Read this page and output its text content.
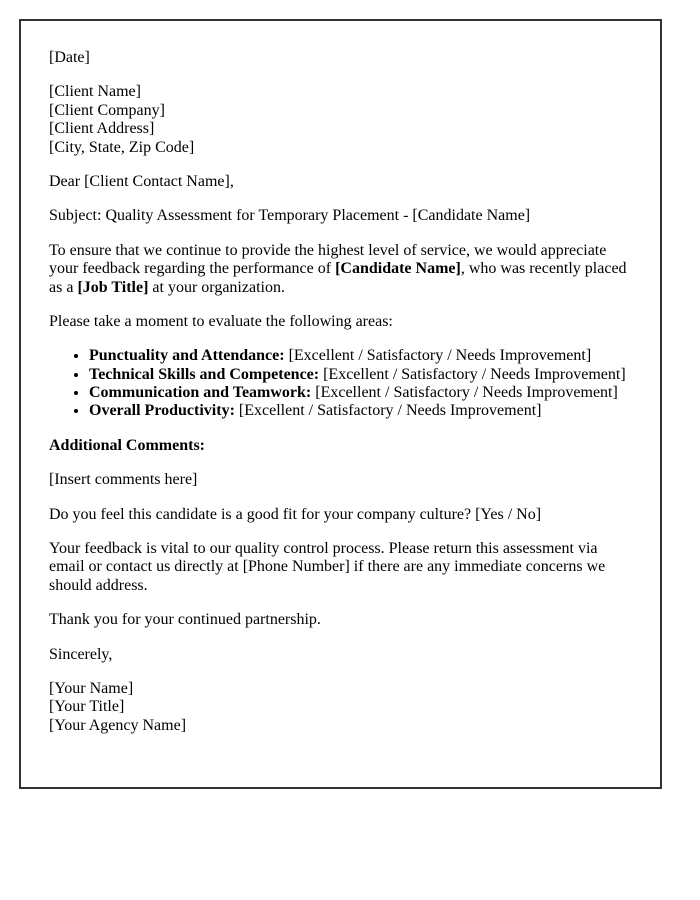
[Date]
[Client Name]
[Client Company]
[Client Address]
[City, State, Zip Code]
Dear [Client Contact Name],
Subject: Quality Assessment for Temporary Placement - [Candidate Name]
To ensure that we continue to provide the highest level of service, we would appreciate your feedback regarding the performance of [Candidate Name], who was recently placed as a [Job Title] at your organization.
Please take a moment to evaluate the following areas:
• Punctuality and Attendance: [Excellent / Satisfactory / Needs Improvement]
• Technical Skills and Competence: [Excellent / Satisfactory / Needs Improvement]
• Communication and Teamwork: [Excellent / Satisfactory / Needs Improvement]
• Overall Productivity: [Excellent / Satisfactory / Needs Improvement]
Additional Comments:
[Insert comments here]
Do you feel this candidate is a good fit for your company culture? [Yes / No]
Your feedback is vital to our quality control process. Please return this assessment via email or contact us directly at [Phone Number] if there are any immediate concerns we should address.
Thank you for your continued partnership.
Sincerely,
[Your Name]
[Your Title]
[Your Agency Name]
